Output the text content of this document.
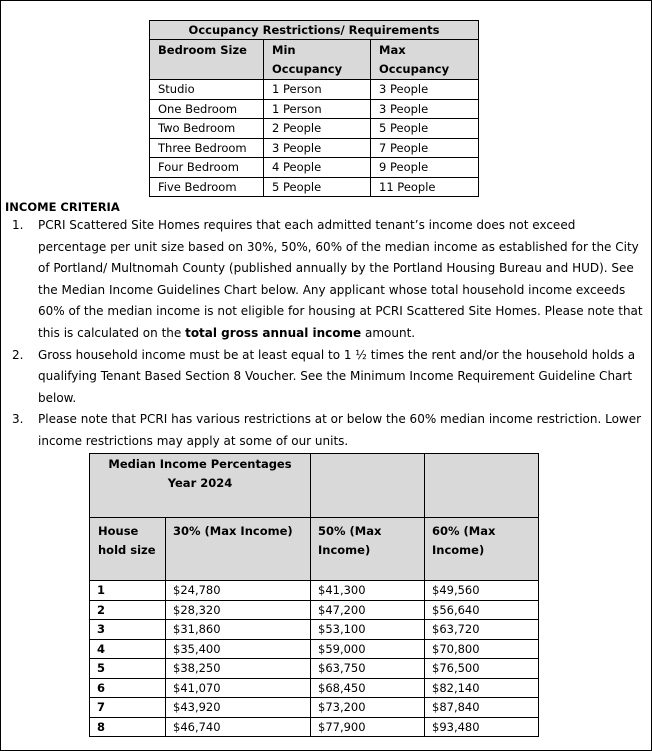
Occupancy Restrictions/ Requirements		
Bedroom Size	Min Occupancy	Max Occupancy
Studio	1 Person	3 People
One Bedroom	1 Person	3 People
Two Bedroom	2 People	5 People
Three Bedroom	3 People	7 People
Four Bedroom	4 People	9 People
Five Bedroom	5 People	11 People
INCOME CRITERIA
1. PCRI Scattered Site Homes requires that each admitted tenant’s income does not exceed percentage per unit size based on 30%, 50%, 60% of the median income as established for the City of Portland/ Multnomah County (published annually by the Portland Housing Bureau and HUD). See the Median Income Guidelines Chart below. Any applicant whose total household income exceeds 60% of the median income is not eligible for housing at PCRI Scattered Site Homes. Please note that this is calculated on the total gross annual income amount.
2. Gross household income must be at least equal to 1 ½ times the rent and/or the household holds a qualifying Tenant Based Section 8 Voucher. See the Minimum Income Requirement Guideline Chart below.
3. Please note that PCRI has various restrictions at or below the 60% median income restriction. Lower income restrictions may apply at some of our units.
Median Income Percentages
Year 2024			
House hold size	30% (Max Income)	50% (Max Income)	60% (Max Income)
1	$24,780	$41,300	$49,560
2	$28,320	$47,200	$56,640
3	$31,860	$53,100	$63,720
4	$35,400	$59,000	$70,800
5	$38,250	$63,750	$76,500
6	$41,070	$68,450	$82,140
7	$43,920	$73,200	$87,840
8	$46,740	$77,900	$93,480
